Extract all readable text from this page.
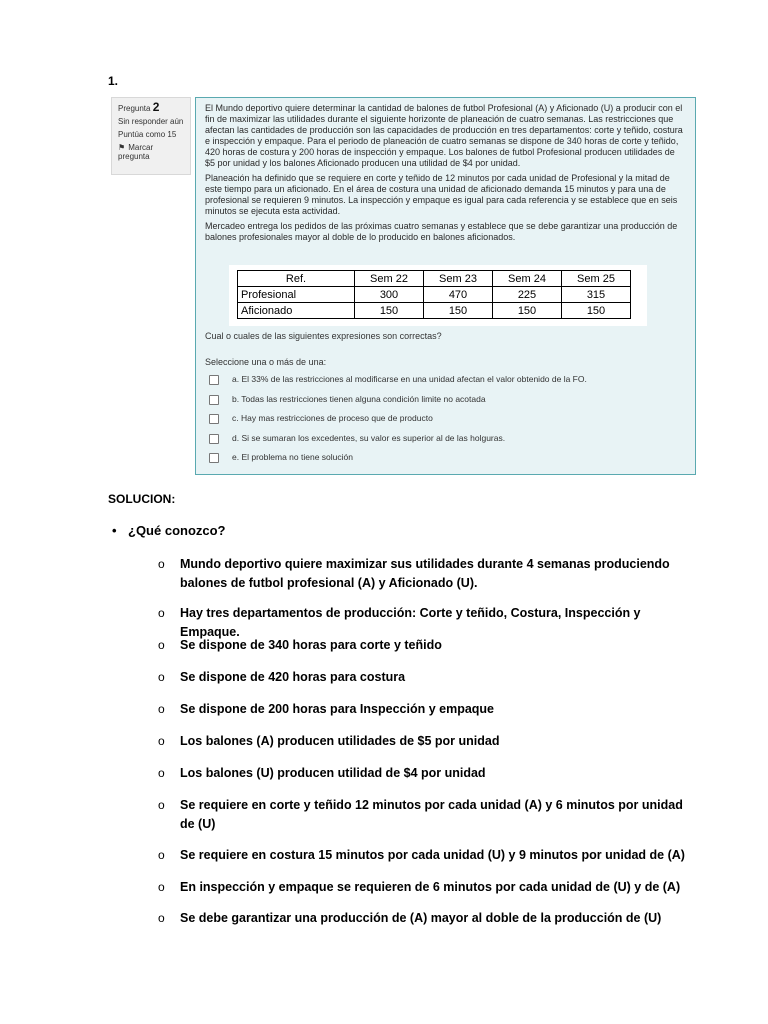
1.
Pregunta 2
Sin responder aún
Puntúa como 15
⚑ Marcar pregunta

El Mundo deportivo quiere determinar la cantidad de balones de futbol Profesional (A) y Aficionado (U) a producir con el fin de maximizar las utilidades durante el siguiente horizonte de planeación de cuatro semanas. Las restricciones que afectan las cantidades de producción son las capacidades de producción en tres departamentos: corte y teñido, costura e inspección y empaque. Para el periodo de planeación de cuatro semanas se dispone de 340 horas de corte y teñido, 420 horas de costura y 200 horas de inspección y empaque. Los balones de futbol Profesional producen utilidades de $5 por unidad y los balones Aficionado producen una utilidad de $4 por unidad.

Planeación ha definido que se requiere en corte y teñido de 12 minutos por cada unidad de Profesional y la mitad de este tiempo para un aficionado. En el área de costura una unidad de aficionado demanda 15 minutos y para una de profesional se requieren 9 minutos. La inspección y empaque es igual para cada referencia y se establece que en seis minutos se ejecuta esta actividad.

Mercadeo entrega los pedidos de las próximas cuatro semanas y establece que se debe garantizar una producción de balones profesionales mayor al doble de lo producido en balones aficionados.

Ref.	Sem 22	Sem 23	Sem 24	Sem 25
Profesional	300	470	225	315
Aficionado	150	150	150	150
Cual o cuales de las siguientes expresiones son correctas?
Seleccione una o más de una:
a. El 33% de las restricciones al modificarse en una unidad afectan el valor obtenido de la FO.
b. Todas las restricciones tienen alguna condición limite no acotada
c. Hay mas restricciones de proceso que de producto
d. Si se sumaran los excedentes, su valor es superior al de las holguras.
e. El problema no tiene solución
SOLUCION:
• ¿Qué conozco?
o Mundo deportivo quiere maximizar sus utilidades durante 4 semanas produciendo balones de futbol profesional (A) y Aficionado (U).
o Hay tres departamentos de producción: Corte y teñido, Costura, Inspección y Empaque.
o Se dispone de 340 horas para corte y teñido
o Se dispone de 420 horas para costura
o Se dispone de 200 horas para Inspección y empaque
o Los balones (A) producen utilidades de $5 por unidad
o Los balones (U) producen utilidad de $4 por unidad
o Se requiere en corte y teñido 12 minutos por cada unidad (A) y 6 minutos por unidad de (U)
o Se requiere en costura 15 minutos por cada unidad (U) y 9 minutos por unidad de (A)
o En inspección y empaque se requieren de 6 minutos por cada unidad de (U) y de (A)
o Se debe garantizar una producción de (A) mayor al doble de la producción de (U)
